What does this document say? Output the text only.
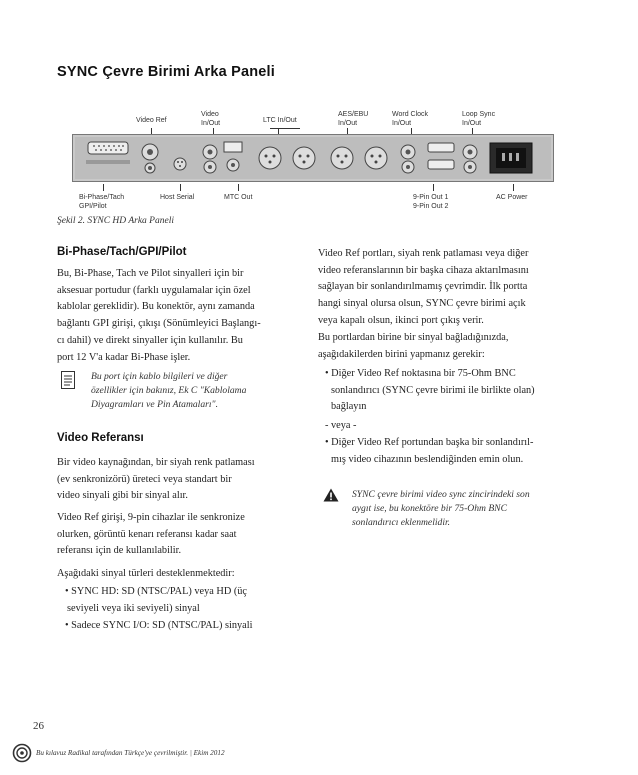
SYNC Çevre Birimi Arka Paneli
Video Ref
Video
In/Out	LTC In/Out
AES/EBU
In/Out
Word Clock
In/Out
Loop Sync
In/Out
Bi-Phase/Tach
GPI/Pilot
Host Serial	MTC Out	9-Pin Out 1
9-Pin Out 2
AC Power
Şekil 2. SYNC HD Arka Paneli
Bi-Phase/Tach/GPI/Pilot

Bu, Bi-Phase, Tach ve Pilot sinyalleri için bir

aksesuar portudur (farklı uygulamalar için özel

kablolar gereklidir). Bu konektör, aynı zamanda

bağlantı GPI girişi, çıkışı (Sönümleyici Başlangı-

cı dahil) ve direkt sinyaller için kullanılır. Bu

port 12 V'a kadar Bi-Phase işler.

Bu port için kablo bilgileri ve diğer
özellikler için bakınız, Ek C "Kablolama
Diyagramları ve Pin Atamaları".
Video Referansı

Bir video kaynağından, bir siyah renk patlaması

(ev senkronizörü) üreteci veya standart bir

video sinyali gibi bir sinyal alır.

Video Ref girişi, 9-pin cihazlar ile senkronize

olurken, görüntü kenarı referansı kadar saat

referansı için de kullanılabilir.

Aşağıdaki sinyal türleri desteklenmektedir:
• SYNC HD: SD (NTSC/PAL) veya HD (üç
seviyeli veya iki seviyeli) sinyal
• Sadece SYNC I/O: SD (NTSC/PAL) sinyali

Video Ref portları, siyah renk patlaması veya diğer

video referanslarının bir başka cihaza aktarılmasını

sağlayan bir sonlandırılmamış çevrimdir. İlk portta

hangi sinyal olursa olsun, SYNC çevre birimi açık

veya kapalı olsun, ikinci port çıkış verir.

Bu portlardan birine bir sinyal bağladığınızda,

aşağıdakilerden birini yapmanız gerekir:

• Diğer Video Ref noktasına bir 75-Ohm BNC
sonlandırıcı (SYNC çevre birimi ile birlikte olan)
bağlayın
- veya -
• Diğer Video Ref portundan başka bir sonlandırıl-
mış video cihazının beslendiğinden emin olun.
SYNC çevre birimi video sync zincirindeki son
aygıt ise, bu konektöre bir 75-Ohm BNC
sonlandırıcı eklenmelidir.
26
Bu kılavuz Radikal tarafından Türkçe'ye çevrilmiştir. | Ekim 2012
